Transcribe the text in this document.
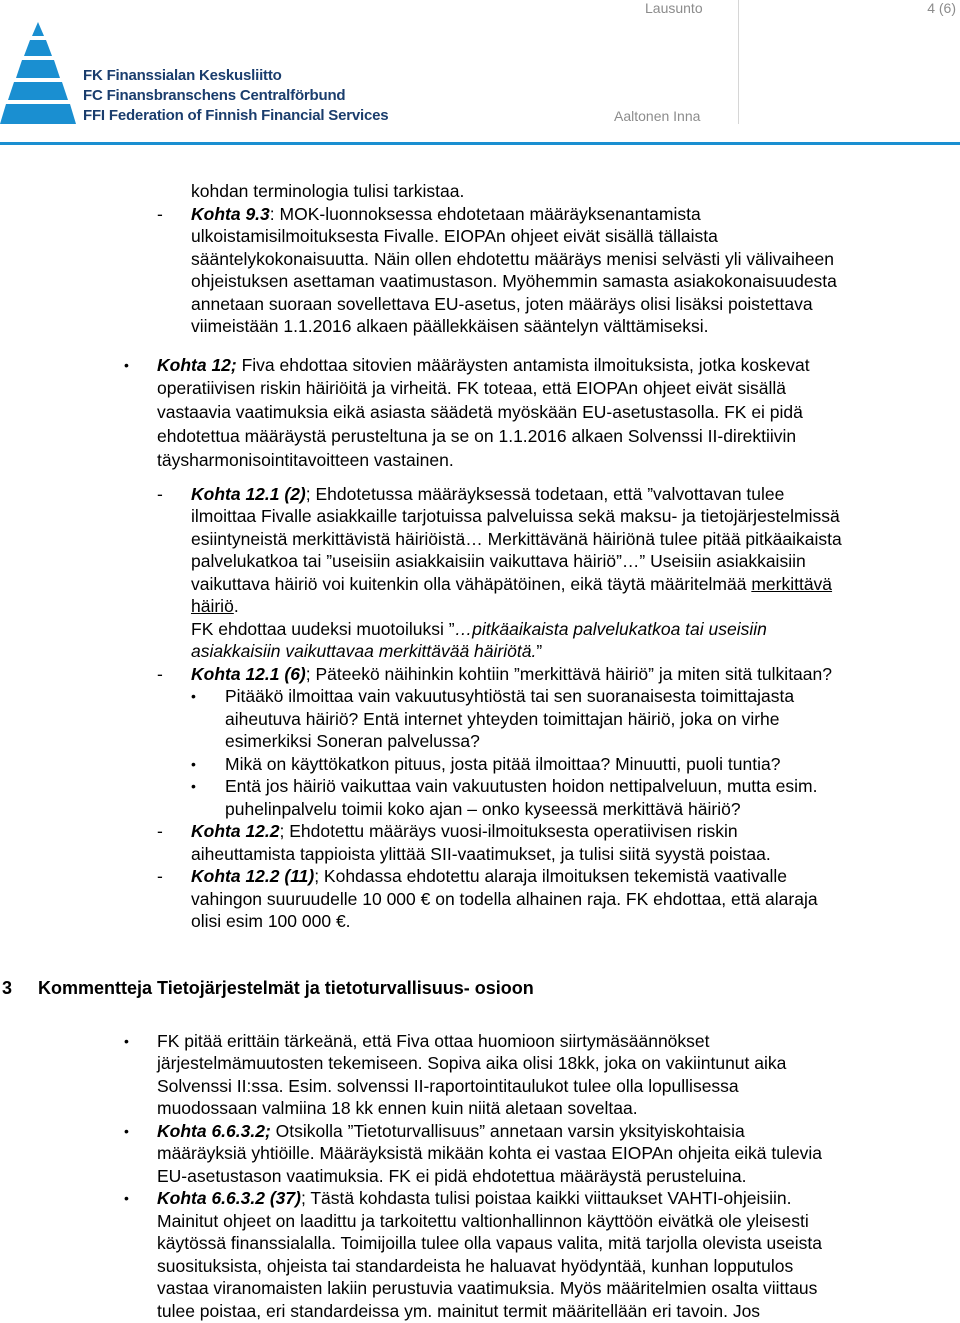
FK Finanssialan Keskusliitto
FC Finansbranschens Centralförbund
FFI Federation of Finnish Financial Services
Lausunto	4 (6)
Aaltonen Inna
kohdan terminologia tulisi tarkistaa.
- Kohta 9.3: MOK-luonnoksessa ehdotetaan määräyksenantamista
ulkoistamisilmoituksesta Fivalle. EIOPAn ohjeet eivät sisällä tällaista
sääntelykokonaisuutta. Näin ollen ehdotettu määräys menisi selvästi yli välivaiheen
ohjeistuksen asettaman vaatimustason. Myöhemmin samasta asiakokonaisuudesta
annetaan suoraan sovellettava EU-asetus, joten määräys olisi lisäksi poistettava
viimeistään 1.1.2016 alkaen päällekkäisen sääntelyn välttämiseksi.
• Kohta 12; Fiva ehdottaa sitovien määräysten antamista ilmoituksista, jotka koskevat
operatiivisen riskin häiriöitä ja virheitä. FK toteaa, että EIOPAn ohjeet eivät sisällä
vastaavia vaatimuksia eikä asiasta säädetä myöskään EU-asetustasolla. FK ei pidä
ehdotettua määräystä perusteltuna ja se on 1.1.2016 alkaen Solvenssi II-direktiivin
täysharmonisointitavoitteen vastainen.
- Kohta 12.1 (2); Ehdotetussa määräyksessä todetaan, että ”valvottavan tulee
ilmoittaa Fivalle asiakkaille tarjotuissa palveluissa sekä maksu- ja tietojärjestelmissä
esiintyneistä merkittävistä häiriöistä… Merkittävänä häiriönä tulee pitää pitkäaikaista
palvelukatkoa tai ”useisiin asiakkaisiin vaikuttava häiriö”…” Useisiin asiakkaisiin
vaikuttava häiriö voi kuitenkin olla vähäpätöinen, eikä täytä määritelmää merkittävä
häiriö.
FK ehdottaa uudeksi muotoiluksi ”…pitkäaikaista palvelukatkoa tai useisiin
asiakkaisiin vaikuttavaa merkittävää häiriötä.”
- Kohta 12.1 (6); Päteekö näihinkin kohtiin ”merkittävä häiriö” ja miten sitä tulkitaan?
• Pitääkö ilmoittaa vain vakuutusyhtiöstä tai sen suoranaisesta toimittajasta
aiheutuva häiriö? Entä internet yhteyden toimittajan häiriö, joka on virhe
esimerkiksi Soneran palvelussa?
• Mikä on käyttökatkon pituus, josta pitää ilmoittaa? Minuutti, puoli tuntia?
• Entä jos häiriö vaikuttaa vain vakuutusten hoidon nettipalveluun, mutta esim.
puhelinpalvelu toimii koko ajan – onko kyseessä merkittävä häiriö?
- Kohta 12.2; Ehdotettu määräys vuosi-ilmoituksesta operatiivisen riskin
aiheuttamista tappioista ylittää SII-vaatimukset, ja tulisi siitä syystä poistaa.
- Kohta 12.2 (11); Kohdassa ehdotettu alaraja ilmoituksen tekemistä vaativalle
vahingon suuruudelle 10 000 € on todella alhainen raja. FK ehdottaa, että alaraja
olisi esim 100 000 €.
3 Kommentteja Tietojärjestelmät ja tietoturvallisuus- osioon
• FK pitää erittäin tärkeänä, että Fiva ottaa huomioon siirtymäsäännökset
järjestelmämuutosten tekemiseen. Sopiva aika olisi 18kk, joka on vakiintunut aika
Solvenssi II:ssa. Esim. solvenssi II-raportointitaulukot tulee olla lopullisessa
muodossaan valmiina 18 kk ennen kuin niitä aletaan soveltaa.
• Kohta 6.6.3.2; Otsikolla ”Tietoturvallisuus” annetaan varsin yksityiskohtaisia
määräyksiä yhtiöille. Määräyksistä mikään kohta ei vastaa EIOPAn ohjeita eikä tulevia
EU-asetustason vaatimuksia. FK ei pidä ehdotettua määräystä perusteluina.
• Kohta 6.6.3.2 (37); Tästä kohdasta tulisi poistaa kaikki viittaukset VAHTI-ohjeisiin.
Mainitut ohjeet on laadittu ja tarkoitettu valtionhallinnon käyttöön eivätkä ole yleisesti
käytössä finanssialalla. Toimijoilla tulee olla vapaus valita, mitä tarjolla olevista useista
suosituksista, ohjeista tai standardeista he haluavat hyödyntää, kunhan lopputulos
vastaa viranomaisten lakiin perustuvia vaatimuksia. Myös määritelmien osalta viittaus
tulee poistaa, eri standardeissa ym. mainitut termit määritellään eri tavoin. Jos
